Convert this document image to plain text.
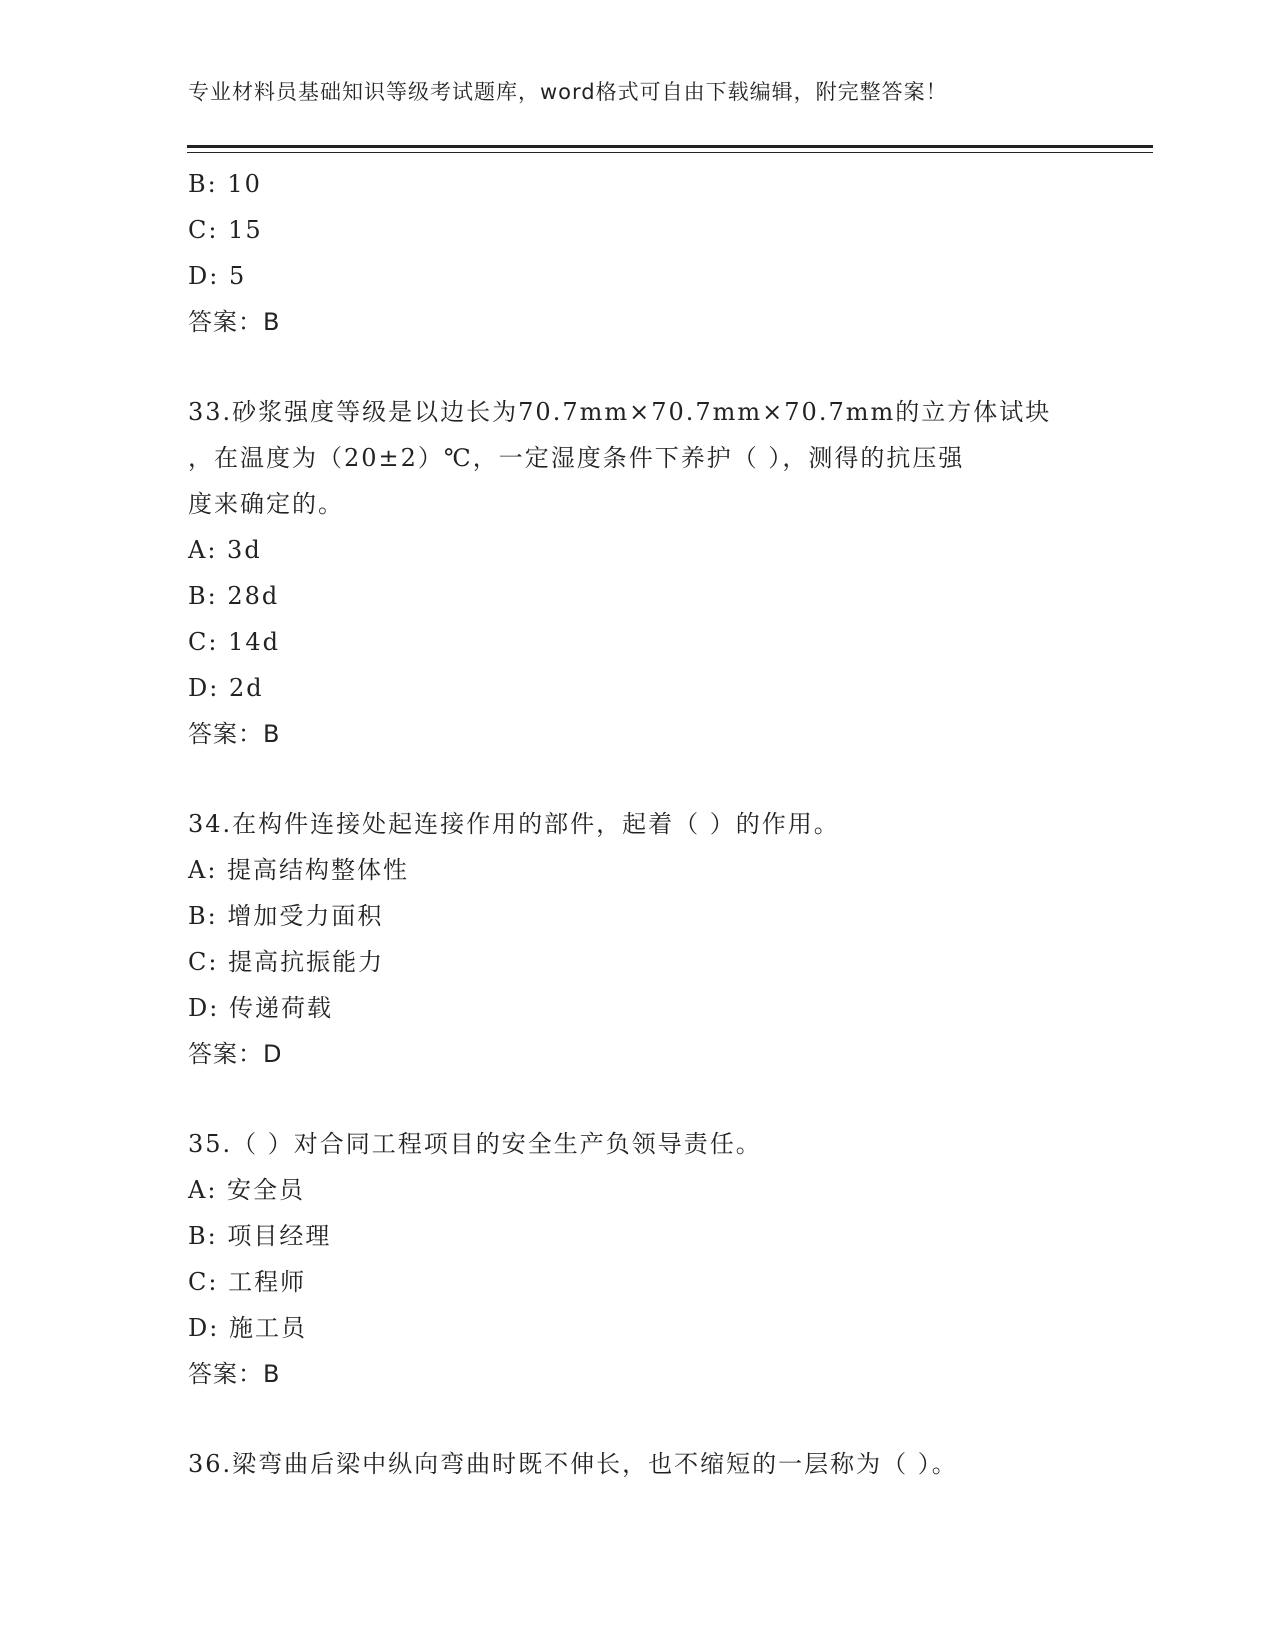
专业材料员基础知识等级考试题库，word格式可自由下载编辑，附完整答案！
B: 10
C: 15
D: 5
答案：B
33.砂浆强度等级是以边长为70.7mm×70.7mm×70.7mm的立方体试块
，在温度为（20±2）℃，一定湿度条件下养护（ ），测得的抗压强
度来确定的。
A: 3d
B: 28d
C: 14d
D: 2d
答案：B
34.在构件连接处起连接作用的部件，起着（ ）的作用。
A: 提高结构整体性
B: 增加受力面积
C: 提高抗振能力
D: 传递荷载
答案：D
35.（ ）对合同工程项目的安全生产负领导责任。
A: 安全员
B: 项目经理
C: 工程师
D: 施工员
答案：B
36.梁弯曲后梁中纵向弯曲时既不伸长，也不缩短的一层称为（ ）。
